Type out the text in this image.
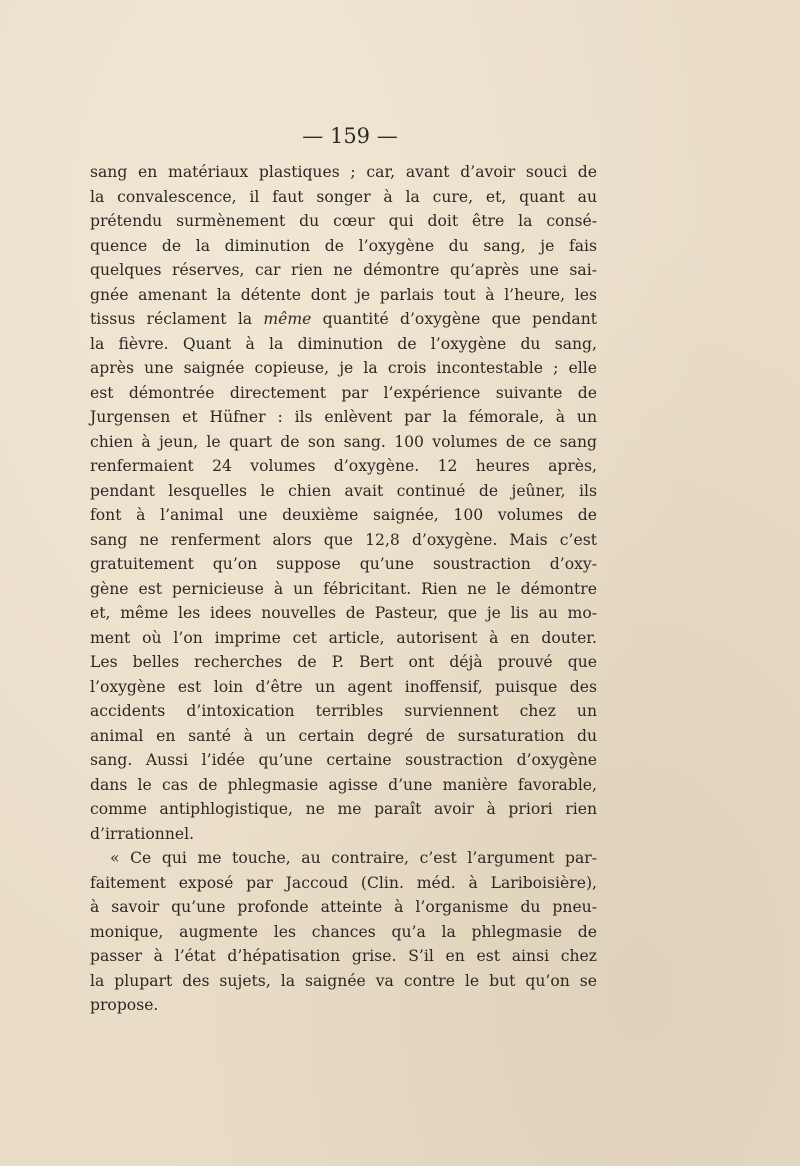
— 159 —
sang en matériaux plastiques ; car, avant d’avoir souci de
la convalescence, il faut songer à la cure, et, quant au
prétendu surmènement du cœur qui doit être la consé-
quence de la diminution de l’oxygène du sang, je fais
quelques réserves, car rien ne démontre qu’après une sai-
gnée amenant la détente dont je parlais tout à l’heure, les
tissus réclament la même quantité d’oxygène que pendant
la fièvre. Quant à la diminution de l’oxygène du sang,
après une saignée copieuse, je la crois incontestable ; elle
est démontrée directement par l’expérience suivante de
Jurgensen et Hüfner : ils enlèvent par la fémorale, à un
chien à jeun, le quart de son sang. 100 volumes de ce sang
renfermaient 24 volumes d’oxygène. 12 heures après,
pendant lesquelles le chien avait continué de jeûner, ils
font à l’animal une deuxième saignée, 100 volumes de
sang ne renferment alors que 12,8 d’oxygène. Mais c’est
gratuitement qu’on suppose qu’une soustraction d’oxy-
gène est pernicieuse à un fébricitant. Rien ne le démontre
et, même les idees nouvelles de Pasteur, que je lis au mo-
ment où l’on imprime cet article, autorisent à en douter.
Les belles recherches de P. Bert ont déjà prouvé que
l’oxygène est loin d’être un agent inoffensif, puisque des
accidents d’intoxication terribles surviennent chez un
animal en santé à un certain degré de sursaturation du
sang. Aussi l’idée qu’une certaine soustraction d’oxygène
dans le cas de phlegmasie agisse d’une manière favorable,
comme antiphlogistique, ne me paraît avoir à priori rien
d’irrationnel.
« Ce qui me touche, au contraire, c’est l’argument par-
faitement exposé par Jaccoud (Clin. méd. à Lariboisière),
à savoir qu’une profonde atteinte à l’organisme du pneu-
monique, augmente les chances qu’a la phlegmasie de
passer à l’état d’hépatisation grise. S’il en est ainsi chez
la plupart des sujets, la saignée va contre le but qu’on se
propose.
